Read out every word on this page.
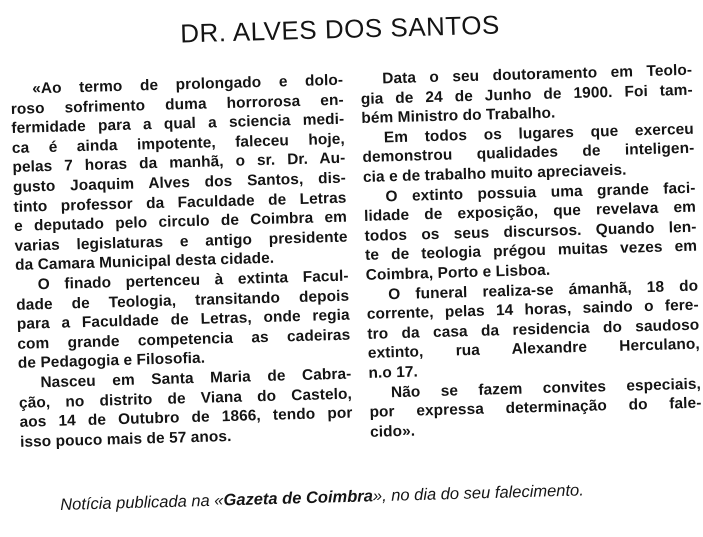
DR. ALVES DOS SANTOS
«Ao termo de prolongado e dolo-
roso sofrimento duma horrorosa en-
fermidade para a qual a sciencia medi-
ca é ainda impotente, faleceu hoje,
pelas 7 horas da manhã, o sr. Dr. Au-
gusto Joaquim Alves dos Santos, dis-
tinto professor da Faculdade de Letras
e deputado pelo circulo de Coimbra em
varias legislaturas e antigo presidente
da Camara Municipal desta cidade.
O finado pertenceu à extinta Facul-
dade de Teologia, transitando depois
para a Faculdade de Letras, onde regia
com grande competencia as cadeiras
de Pedagogia e Filosofia.
Nasceu em Santa Maria de Cabra-
ção, no distrito de Viana do Castelo,
aos 14 de Outubro de 1866, tendo por
isso pouco mais de 57 anos.
Data o seu doutoramento em Teolo-
gia de 24 de Junho de 1900. Foi tam-
bém Ministro do Trabalho.
Em todos os lugares que exerceu
demonstrou qualidades de inteligen-
cia e de trabalho muito apreciaveis.
O extinto possuia uma grande faci-
lidade de exposição, que revelava em
todos os seus discursos. Quando len-
te de teologia prégou muitas vezes em
Coimbra, Porto e Lisboa.
O funeral realiza-se ámanhã, 18 do
corrente, pelas 14 horas, saindo o fere-
tro da casa da residencia do saudoso
extinto, rua Alexandre Herculano,
n.o 17.
Não se fazem convites especiais,
por expressa determinação do fale-
cido».
Notícia publicada na «Gazeta de Coimbra», no dia do seu falecimento.
